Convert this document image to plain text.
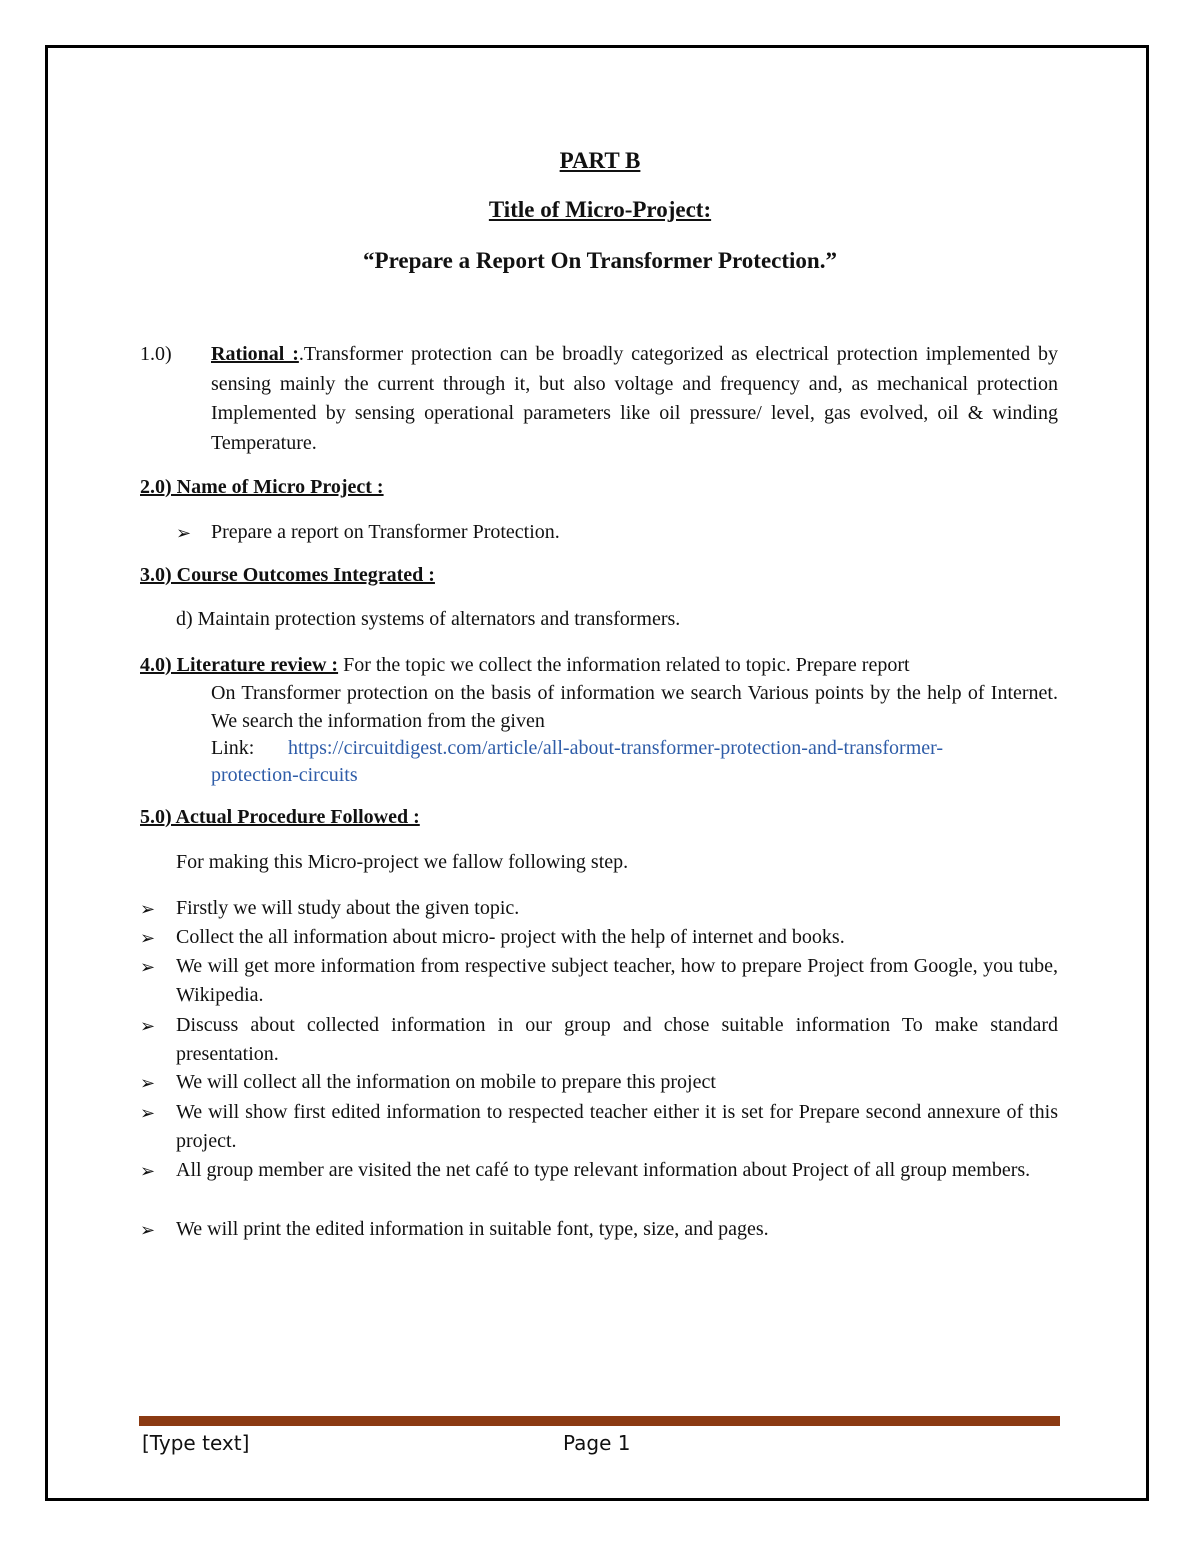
PART B
Title of Micro-Project:
“Prepare a Report On Transformer Protection.”
1.0) Rational :.Transformer protection can be broadly categorized as electrical protection implemented by sensing mainly the current through it, but also voltage and frequency and, as mechanical protection Implemented by sensing operational parameters like oil pressure/ level, gas evolved, oil & winding Temperature.
2.0) Name of Micro Project :
➢ Prepare a report on Transformer Protection.
3.0) Course Outcomes Integrated :
d) Maintain protection systems of alternators and transformers.
4.0) Literature review : For the topic we collect the information related to topic. Prepare report
On Transformer protection on the basis of information we search Various points by the help of Internet. We search the information from the given
Link: https://circuitdigest.com/article/all-about-transformer-protection-and-transformer-
protection-circuits
5.0) Actual Procedure Followed :
For making this Micro-project we fallow following step.
➢ Firstly we will study about the given topic.
➢ Collect the all information about micro- project with the help of internet and books.
➢ We will get more information from respective subject teacher, how to prepare Project from Google, you tube, Wikipedia.
➢ Discuss about collected information in our group and chose suitable information To make standard presentation.
➢ We will collect all the information on mobile to prepare this project
➢ We will show first edited information to respected teacher either it is set for Prepare second annexure of this project.
➢ All group member are visited the net café to type relevant information about Project of all group members.
➢ We will print the edited information in suitable font, type, size, and pages.
[Type text]	Page 1
